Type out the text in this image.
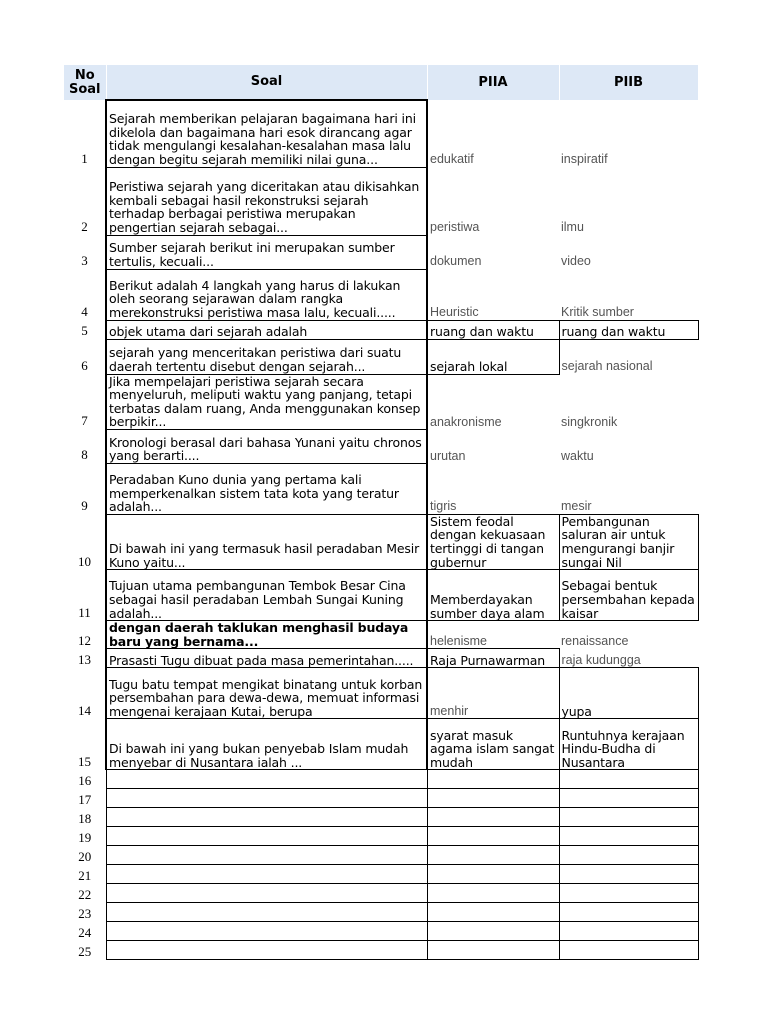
No Soal	Soal	PIIA	PIIB
1	Sejarah memberikan pelajaran bagaimana hari ini dikelola dan bagaimana hari esok dirancang agar tidak mengulangi kesalahan-kesalahan masa lalu dengan begitu sejarah memiliki nilai guna...	edukatif	inspiratif
2	Peristiwa sejarah yang diceritakan atau dikisahkan kembali sebagai hasil rekonstruksi sejarah terhadap berbagai peristiwa merupakan pengertian sejarah sebagai...	peristiwa	ilmu
3	Sumber sejarah berikut ini merupakan sumber tertulis, kecuali...	dokumen	video
4	Berikut adalah 4 langkah yang harus di lakukan oleh seorang sejarawan dalam rangka merekonstruksi peristiwa masa lalu, kecuali.....	Heuristic	Kritik sumber
5	objek utama dari sejarah adalah	ruang dan waktu	ruang dan waktu
6	sejarah yang menceritakan peristiwa dari suatu daerah tertentu disebut dengan sejarah...	sejarah lokal	sejarah nasional
7	Jika mempelajari peristiwa sejarah secara menyeluruh, meliputi waktu yang panjang, tetapi terbatas dalam ruang, Anda menggunakan konsep berpikir...	anakronisme	singkronik
8	Kronologi berasal dari bahasa Yunani yaitu chronos yang berarti....	urutan	waktu
9	Peradaban Kuno dunia yang pertama kali memperkenalkan sistem tata kota yang teratur adalah...	tigris	mesir
10	Di bawah ini yang termasuk hasil peradaban Mesir Kuno yaitu...	Sistem feodal dengan kekuasaan tertinggi di tangan gubernur	Pembangunan saluran air untuk mengurangi banjir sungai Nil
11	Tujuan utama pembangunan Tembok Besar Cina sebagai hasil peradaban Lembah Sungai Kuning adalah...	Memberdayakan sumber daya alam	Sebagai bentuk persembahan kepada kaisar
12	dengan daerah taklukan menghasil budaya baru yang bernama...	helenisme	renaissance
13	Prasasti Tugu dibuat pada masa pemerintahan.....	Raja Purnawarman	raja kudungga
14	Tugu batu tempat mengikat binatang untuk korban persembahan para dewa-dewa, memuat informasi mengenai kerajaan Kutai, berupa	menhir	yupa
15	Di bawah ini yang bukan penyebab Islam mudah menyebar di Nusantara ialah ...	syarat masuk agama islam sangat mudah	Runtuhnya kerajaan Hindu-Budha di Nusantara
16			
17			
18			
19			
20			
21			
22			
23			
24			
25			
